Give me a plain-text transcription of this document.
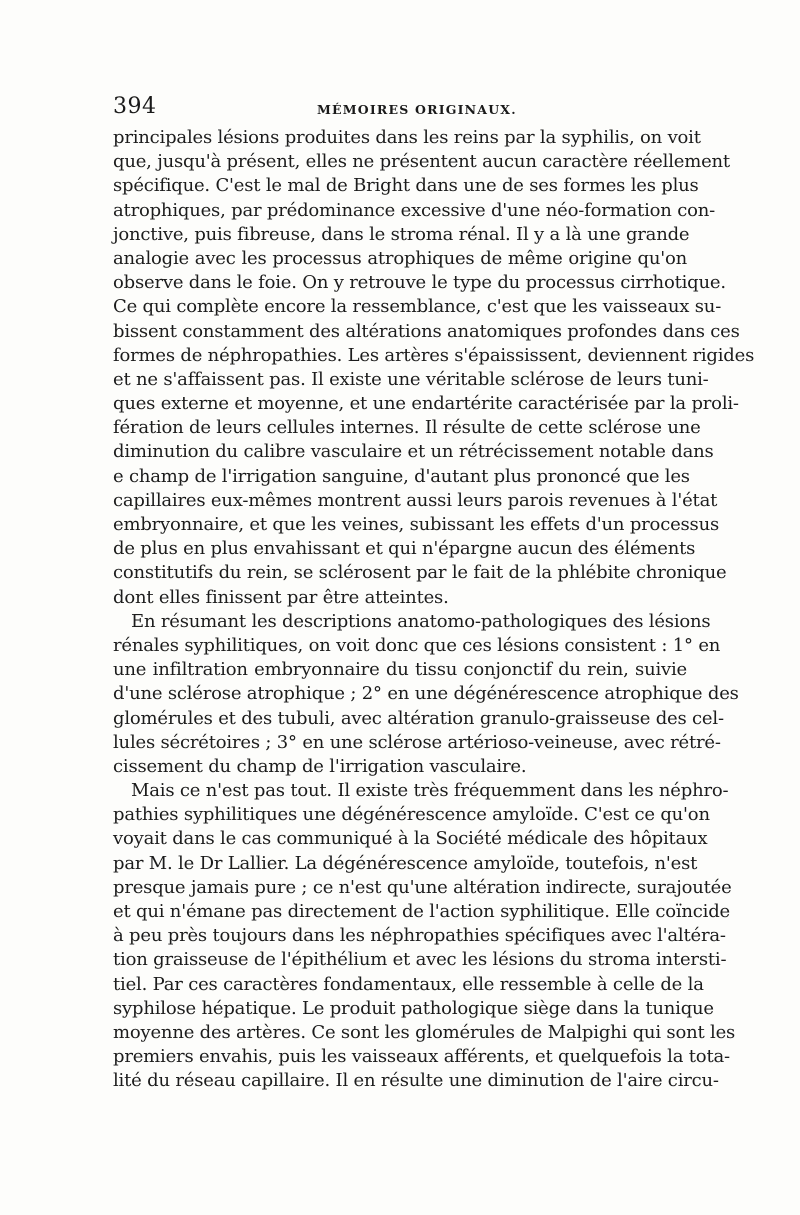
394	MÉMOIRES ORIGINAUX.
principales lésions produites dans les reins par la syphilis, on voit
que, jusqu'à présent, elles ne présentent aucun caractère réellement
spécifique. C'est le mal de Bright dans une de ses formes les plus
atrophiques, par prédominance excessive d'une néo-formation con-
jonctive, puis fibreuse, dans le stroma rénal. Il y a là une grande
analogie avec les processus atrophiques de même origine qu'on
observe dans le foie. On y retrouve le type du processus cirrhotique.
Ce qui complète encore la ressemblance, c'est que les vaisseaux su-
bissent constamment des altérations anatomiques profondes dans ces
formes de néphropathies. Les artères s'épaississent, deviennent rigides
et ne s'affaissent pas. Il existe une véritable sclérose de leurs tuni-
ques externe et moyenne, et une endartérite caractérisée par la proli-
fération de leurs cellules internes. Il résulte de cette sclérose une
diminution du calibre vasculaire et un rétrécissement notable dans
e champ de l'irrigation sanguine, d'autant plus prononcé que les
capillaires eux-mêmes montrent aussi leurs parois revenues à l'état
embryonnaire, et que les veines, subissant les effets d'un processus
de plus en plus envahissant et qui n'épargne aucun des éléments
constitutifs du rein, se sclérosent par le fait de la phlébite chronique
dont elles finissent par être atteintes.
En résumant les descriptions anatomo-pathologiques des lésions
rénales syphilitiques, on voit donc que ces lésions consistent : 1° en
une infiltration embryonnaire du tissu conjonctif du rein, suivie
d'une sclérose atrophique ; 2° en une dégénérescence atrophique des
glomérules et des tubuli, avec altération granulo-graisseuse des cel-
lules sécrétoires ; 3° en une sclérose artérioso-veineuse, avec rétré-
cissement du champ de l'irrigation vasculaire.
Mais ce n'est pas tout. Il existe très fréquemment dans les néphro-
pathies syphilitiques une dégénérescence amyloïde. C'est ce qu'on
voyait dans le cas communiqué à la Société médicale des hôpitaux
par M. le Dr Lallier. La dégénérescence amyloïde, toutefois, n'est
presque jamais pure ; ce n'est qu'une altération indirecte, surajoutée
et qui n'émane pas directement de l'action syphilitique. Elle coïncide
à peu près toujours dans les néphropathies spécifiques avec l'altéra-
tion graisseuse de l'épithélium et avec les lésions du stroma intersti-
tiel. Par ces caractères fondamentaux, elle ressemble à celle de la
syphilose hépatique. Le produit pathologique siège dans la tunique
moyenne des artères. Ce sont les glomérules de Malpighi qui sont les
premiers envahis, puis les vaisseaux afférents, et quelquefois la tota-
lité du réseau capillaire. Il en résulte une diminution de l'aire circu-
